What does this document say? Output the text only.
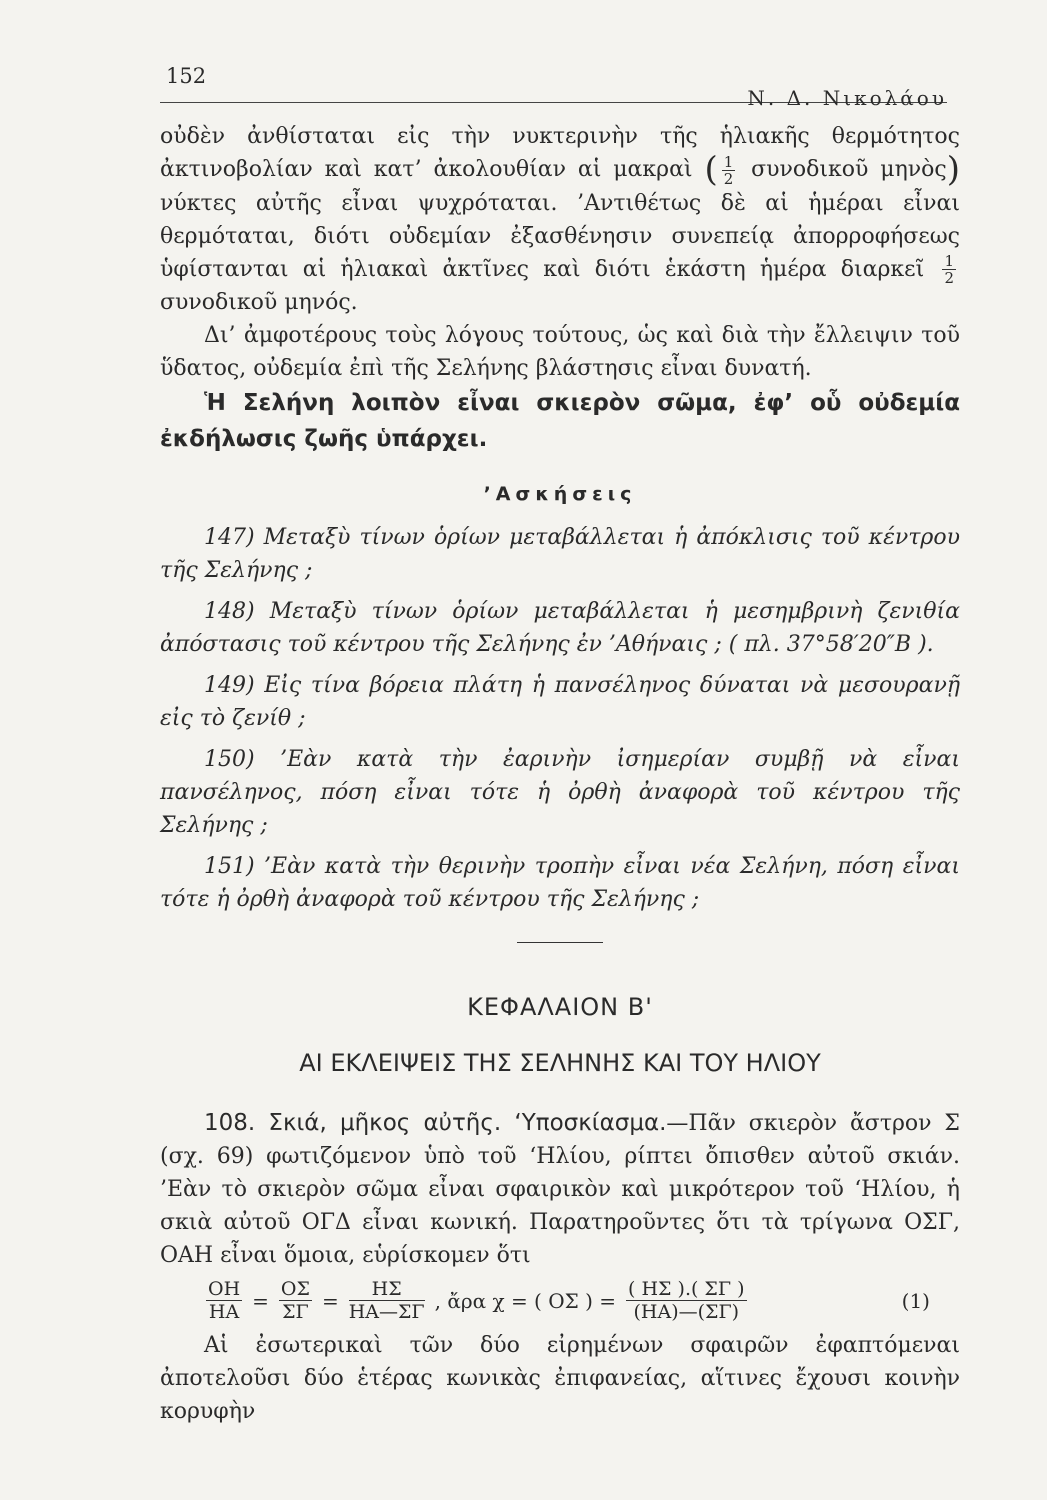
152
Ν. Δ. Νικολάου

οὐδὲν ἀνθίσταται εἰς τὴν νυκτερινὴν τῆς ἡλιακῆς θερμότητος ἀκτινοβολίαν καὶ κατ’ ἀκολουθίαν αἱ μακραὶ ( $\frac{1}{2}$ συνοδικοῦ μηνὸς) νύκτες αὐτῆς εἶναι ψυχρόταται. ’Αντιθέτως δὲ αἱ ἡμέραι εἶναι θερμόταται, διότι οὐδεμίαν ἐξασθένησιν συνεπείᾳ ἀπορροφήσεως ὑφίστανται αἱ ἡλιακαὶ ἀκτῖνες καὶ διότι ἑκάστη ἡμέρα διαρκεῖ $\frac{1}{2}$
συνοδικοῦ μηνός.

Δι’ ἀμφοτέρους τοὺς λόγους τούτους, ὡς καὶ διὰ τὴν ἔλλειψιν τοῦ ὕδατος, οὐδεμία ἐπὶ τῆς Σελήνης βλάστησις εἶναι δυνατή.

Ἡ Σελήνη λοιπὸν εἶναι σκιερὸν σῶμα, ἐφ’ οὗ οὐδεμία ἐκδήλωσις ζωῆς ὑπάρχει.

’Ασκήσεις

147) Μεταξὺ τίνων ὁρίων μεταβάλλεται ἡ ἀπόκλισις τοῦ κέντρου τῆς Σελήνης ;

148) Μεταξὺ τίνων ὁρίων μεταβάλλεται ἡ μεσημβρινὴ ζενιθία ἀπόστασις τοῦ κέντρου τῆς Σελήνης ἐν ’Αθήναις ; ( πλ. 37°58′20″Β ).

149) Εἰς τίνα βόρεια πλάτη ἡ πανσέληνος δύναται νὰ μεσουρανῇ εἰς τὸ ζενίθ ;

150) ’Εὰν κατὰ τὴν ἐαρινὴν ἰσημερίαν συμβῇ νὰ εἶναι πανσέληνος, πόση εἶναι τότε ἡ ὀρθὴ ἀναφορὰ τοῦ κέντρου τῆς Σελήνης ;

151) ’Εὰν κατὰ τὴν θερινὴν τροπὴν εἶναι νέα Σελήνη, πόση εἶναι τότε ἡ ὀρθὴ ἀναφορὰ τοῦ κέντρου τῆς Σελήνης ;

ΚΕΦΑΛΑΙΟΝ Β'
ΑΙ ΕΚΛΕΙΨΕΙΣ ΤΗΣ ΣΕΛΗΝΗΣ ΚΑΙ ΤΟΥ ΗΛΙΟΥ

108. Σκιά, μῆκος αὐτῆς. ‘Υποσκίασμα.—Πᾶν σκιερὸν ἄστρον Σ (σχ. 69) φωτιζόμενον ὑπὸ τοῦ ‘Ηλίου, ρίπτει ὄπισθεν αὐτοῦ σκιάν. ’Εὰν τὸ σκιερὸν σῶμα εἶναι σφαιρικὸν καὶ μικρότερον τοῦ ‘Ηλίου, ἡ σκιὰ αὐτοῦ ΟΓΔ εἶναι κωνική. Παρατηροῦντες ὅτι τὰ τρίγωνα ΟΣΓ, ΟΑΗ εἶναι ὅμοια, εὑρίσκομεν ὅτι

$\frac{OH}{HA} = \frac{O\Sigma}{\Sigma\Gamma} = \frac{H\Sigma}{HA—\Sigma\Gamma}$ , ἄρα χ = ( ΟΣ ) = $\frac{( H\Sigma ).( \Sigma\Gamma )}{(HA)—(\Sigma\Gamma)}$	(1)

Αἱ ἐσωτερικαὶ τῶν δύο εἰρημένων σφαιρῶν ἐφαπτόμεναι ἀποτελοῦσι δύο ἑτέρας κωνικὰς ἐπιφανείας, αἵτινες ἔχουσι κοινὴν κορυφὴν
